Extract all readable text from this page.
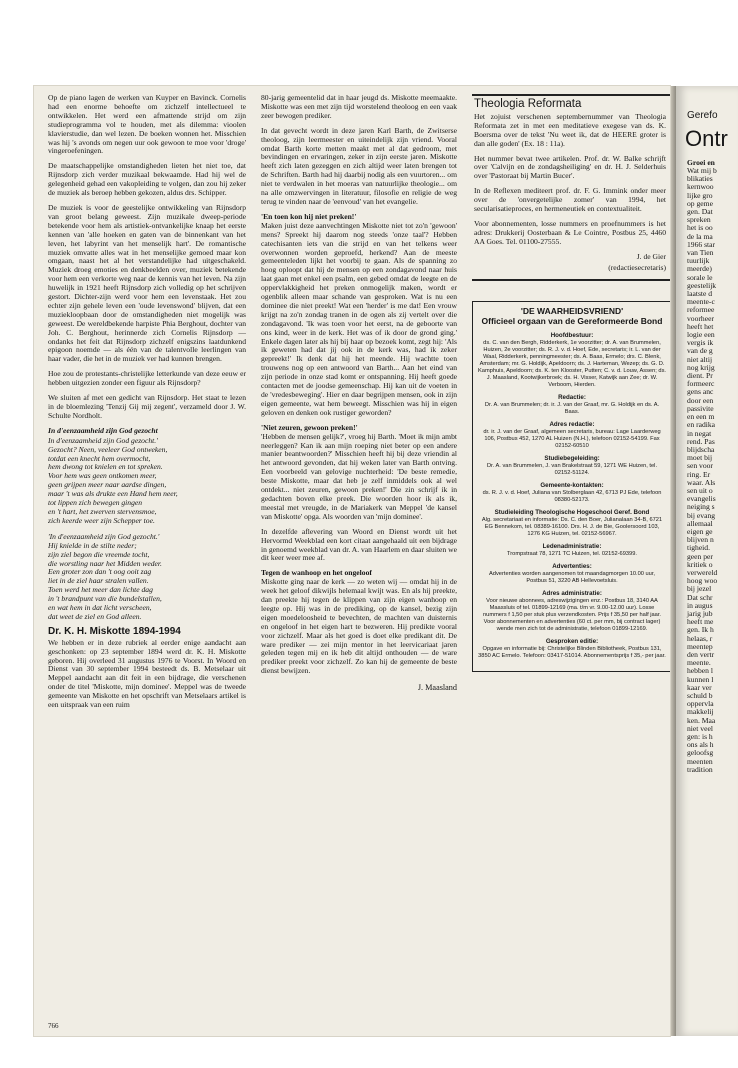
Op de piano lagen de werken van Kuyper en Bavinck. Cornelis had een enorme behoefte om zichzelf intellectueel te ontwikkelen. Het werd een afmattende strijd om zijn studieprogramma vol te houden, met als dilemma: vioolen klavierstudie, dan wel lezen. De boeken wonnen het. Misschien was hij 's avonds om negen uur ook gewoon te moe voor 'droge' vingeroefeningen.

De maatschappelijke omstandigheden lieten het niet toe, dat Rijnsdorp zich verder muzikaal bekwaamde. Had hij wel de gelegenheid gehad een vakopleiding te volgen, dan zou hij zeker de muziek als beroep hebben gekozen, aldus drs. Schipper.

De muziek is voor de geestelijke ontwikkeling van Rijnsdorp van groot belang geweest. Zijn muzikale dweep-periode betekende voor hem als artistiek-ontvankelijke knaap het eerste kennen van 'alle hoeken en gaten van de binnenkant van het leven, het labyrint van het menselijk hart'. De romantische muziek omvatte alles wat in het menselijke gemoed maar kon omgaan, naast het al het verstandelijke had uitgeschakeld. Muziek droeg emoties en denkbeelden over, muziek betekende voor hem een verkorte weg naar de kennis van het leven. Na zijn huwelijk in 1921 heeft Rijnsdorp zich volledig op het schrijven gestort. Dichter-zijn werd voor hem een levenstaak. Het zou echter zijn gehele leven een 'oude levenswond' blijven, dat een muziekloopbaan door de omstandigheden niet mogelijk was geweest. De wereldbekende harpiste Phia Berghout, dochter van Joh. C. Berghout, herinnerde zich Cornelis Rijnsdorp — ondanks het feit dat Rijnsdorp zichzelf enigszins laatdunkend epigoon noemde — als één van de talentvolle leerlingen van haar vader, die het in de muziek ver had kunnen brengen.

Hoe zou de protestants-christelijke letterkunde van deze eeuw er hebben uitgezien zonder een figuur als Rijnsdorp?

We sluiten af met een gedicht van Rijnsdorp. Het staat te lezen in de bloemlezing 'Tenzij Gij mij zegent', verzameld door J. W. Schulte Nordholt.

In d'eenzaamheid zijn God gezocht
In d'eenzaamheid zijn God gezocht.'
Gezocht? Neen, veeleer God ontweken,
totdat een knecht hem overmocht,
hem dwong tot knielen en tot spreken.
Voor hem was geen ontkomen meer,
geen grijpen meer naar aardse dingen,
maar 't was als drukte een Hand hem neer,
tot lippen zich bewegen gingen
en 't hart, het zwerven stervensmoe,
zich keerde weer zijn Schepper toe.
'In d'eenzaamheid zijn God gezocht.'
Hij knielde in de stilte neder;
zijn ziel begon die vreemde tocht,
die worstling naar het Midden weder.
Een groter zon dan 't oog ooit zag
liet in de ziel haar stralen vallen.
Toen werd het meer dan lichte dag
in 't brandpunt van die bundelstallen,
en wat hem in dat licht verscheen,
dat weet de ziel en God alleen.
Dr. K. H. Miskotte 1894-1994

We hebben er in deze rubriek al eerder enige aandacht aan geschonken: op 23 september 1894 werd dr. K. H. Miskotte geboren. Hij overleed 31 augustus 1976 te Voorst. In Woord en Dienst van 30 september 1994 besteedt ds. B. Metselaar uit Meppel aandacht aan dit feit in een bijdrage, die verschenen onder de titel 'Miskotte, mijn dominee'. Meppel was de tweede gemeente van Miskotte en het opschrift van Metselaars artikel is een uitspraak van een ruim

80-jarig gemeentelid dat in haar jeugd ds. Miskotte meemaakte. Miskotte was een met zijn tijd worstelend theoloog en een vaak zeer bewogen prediker.

In dat gevecht wordt in deze jaren Karl Barth, de Zwitserse theoloog, zijn leermeester en uiteindelijk zijn vriend. Vooral omdat Barth korte metten maakt met al dat gedroom, met bevindingen en ervaringen, zeker in zijn eerste jaren. Miskotte heeft zich laten gezeggen en zich altijd weer laten brengen tot de Schriften. Barth had hij daarbij nodig als een vuurtoren... om niet te verdwalen in het moeras van natuurlijke theologie... om na alle omzwervingen in literatuur, filosofie en religie de weg terug te vinden naar de 'eenvoud' van het evangelie.

'En toen kon hij niet preken!'

Maken juist deze aanvechtingen Miskotte niet tot zo'n 'gewoon' mens? Spreekt hij daarom nog steeds 'onze taal'? Hebben catechisanten iets van die strijd en van het telkens weer overwonnen worden geproefd, herkend? Aan de meeste gemeenteleden lijkt het voorbij te gaan. Als de spanning zo hoog oploopt dat hij de mensen op een zondagavond naar huis laat gaan met enkel een psalm, een gebed omdat de leegte en de oppervlakkigheid het preken onmogelijk maken, wordt er ogenblik alleen maar schande van gesproken. Wat is nu een dominee die niet preekt! Wat een 'herder' is me dat! Een vrouw krijgt na zo'n zondag tranen in de ogen als zij vertelt over die zondagavond. 'Ik was toen voor het eerst, na de geboorte van ons kind, weer in de kerk. Het was of ik door de grond ging.' Enkele dagen later als hij bij haar op bezoek komt, zegt hij: 'Als ik geweten had dat jij ook in de kerk was, had ik zeker gepreekt!' Ik denk dat hij het meende. Hij wachtte toen trouwens nog op een antwoord van Barth... Aan het eind van zijn periode in onze stad komt er ontspanning. Hij heeft goede contacten met de joodse gemeenschap. Hij kan uit de voeten in de 'vredesbeweging'. Hier en daar begrijpen mensen, ook in zijn eigen gemeente, wat hem beweegt. Misschien was hij in eigen geloven en denken ook rustiger geworden?

'Niet zeuren, gewoon preken!'

'Hebben de mensen gelijk?', vroeg hij Barth. 'Moet ik mijn ambt neerleggen? Kan ik aan mijn roeping niet beter op een andere manier beantwoorden?' Misschien heeft hij bij deze vriendin al het antwoord gevonden, dat hij weken later van Barth ontving. Een voorbeeld van gelovige nuchterheid: 'De beste remedie, beste Miskotte, maar dat heb je zelf inmiddels ook al wel ontdekt... niet zeuren, gewoon preken!' Die zin schrijf ik in gedachten boven elke preek. Die woorden hoor ik als ik, meestal met vreugde, in de Mariakerk van Meppel 'de kansel van Miskotte' opga. Als woorden van 'mijn dominee'.

In dezelfde aflevering van Woord en Dienst wordt uit het Hervormd Weekblad een kort citaat aangehaald uit een bijdrage in genoemd weekblad van dr. A. van Haarlem en daar sluiten we dit keer weer mee af.

Tegen de wanhoop en het ongeloof

Miskotte ging naar de kerk — zo weten wij — omdat hij in de week het geloof dikwijls helemaal kwijt was. En als hij preekte, dan preekte hij tegen de klippen van zijn eigen wanhoop en leegte op. Hij was in de prediking, op de kansel, bezig zijn eigen moedeloosheid te bevechten, de machten van duisternis en ongeloof in het eigen hart te bezweren. Hij predikte vooral voor zichzelf. Maar als het goed is doet elke predikant dit. De ware prediker — zei mijn mentor in het leervicariaat jaren geleden tegen mij en ik heb dit altijd onthouden — de ware prediker preekt voor zichzelf. Zo kan hij de gemeente de beste dienst bewijzen.

J. Maasland
Theologia Reformata

Het zojuist verschenen septembernummer van Theologia Reformata zet in met een meditatieve exegese van ds. K. Boersma over de tekst 'Nu weet ik, dat de HEERE groter is dan alle goden' (Ex. 18 : 11a).

Het nummer bevat twee artikelen. Prof. dr. W. Balke schrijft over 'Calvijn en de zondagsheiliging' en dr. H. J. Selderhuis over 'Pastoraat bij Martin Bucer'.

In de Reflexen mediteert prof. dr. F. G. Immink onder meer over de 'onvergetelijke zomer' van 1994, het secularisatieproces, en hermeneutiek en contextualiteit.

Voor abonnementen, losse nummers en proefnummers is het adres: Drukkerij Oosterbaan & Le Cointre, Postbus 25, 4460 AA Goes. Tel. 01100-27555.

J. de Gier
(redactiesecretaris)
'DE WAARHEIDSVRIEND'
Officieel orgaan van de Gereformeerde Bond
Hoofdbestuur:
ds. C. van den Bergh, Ridderkerk, 1e voorzitter; dr. A. van Brummelen, Huizen, 2e voorzitter; ds. R. J. v. d. Hoef, Ede, secretaris; ir. L. van der Waal, Ridderkerk, penningmeester; ds. A. Baas, Ermelo; drs. C. Blenk, Amsterdam; mr. G. Holdijk, Apeldoorn; ds. J. Harteman, Wezep; ds. G. D. Kamphuis, Apeldoorn; ds. K. ten Klooster, Putten; C. v. d. Louw, Assen; ds. J. Maasland, Kootwijkerbroek; ds. H. Visser, Katwijk aan Zee; dr. W. Verboom, Hierden.
Redactie:
Dr. A. van Brummelen; dr. ir. J. van der Graaf, mr. G. Holdijk en ds. A. Baas.
Adres redactie:
dr. ir. J. van der Graaf, algemeen secretaris, bureau: Lage Laarderweg 106, Postbus 452, 1270 AL Huizen (N.H.), telefoon 02152-54199. Fax 02152-60510
Studiebegeleiding:
Dr. A. van Brummelen, J. van Brakelstraat 59, 1271 WE Huizen, tel. 02152-51124.
Gemeente-kontakten:
ds. R. J. v. d. Hoef, Juliana van Stolberglaan 42, 6713 PJ Ede, telefoon 08380-52173.
Studieleiding Theologische Hogeschool Geref. Bond
Alg. secretariaat en informatie: Ds. C. den Boer, Julianalaan 34-B, 6721 EG Bennekom, tel. 08389-16100. Drs. H. J. de Bie, Goolersoord 103, 1276 KG Huizen, tel. 02152-56967.
Ledenadministratie:
Trompstraat 78, 1271 TC Huizen, tel. 02152-69399.
Advertenties:
Advertenties worden aangenomen tot maandagmorgen 10.00 uur, Postbus 51, 3220 AB Hellevoetsluis.
Adres administratie:
Voor nieuwe abonnees, adreswijzigingen enz.: Postbus 18, 3140 AA Maassluis of tel. 01899-12169 (ma. t/m vr. 9.00-12.00 uur). Losse nummers f 1,50 per stuk plus verzendkosten. Prijs f 35,50 per half jaar. Voor abonnementen en advertenties (60 ct. per mm, bij contract lager) wende men zich tot de administratie, telefoon 01899-12169.
Gesproken editie:
Opgave en informatie bij: Christelijke Blinden Bibliotheek, Postbus 131, 3850 AC Ermelo. Telefoon: 03417-51014. Abonnementsprijs f 35,- per jaar.
766
Gerefo
Ontr
Groei en
Wat mij b
blikaties
kernwoo
lijke gro
op geme
gen. Dat
spreken
het is oo
de la ma
1966 star
van Tien
tuurlijk
meerde)
sorale le
geestelijk
laatste d
meente-c
reformee
voorheer
heeft het
logie een
vergis ik
van de g
niet altij
nog krijg
dient. Pr
formeerc
gens anc
door een
passivite
en een m
en radika
in negat
rend. Pas
blijdscha
moet bij
sen voor
ring. Er
waar. Als
sen uit o
evangelis
neiging s
bij evang
allemaal
eigen ge
blijven n
tigheid.
geen per
kritiek o
verwereld
hoog woo
bij jezel
Dat schr
in augus
jarig jub
heeft me
gen. Ik h
helaas, r
meentep
den vertr
meente.
hebben l
kunnen l
kaar ver
schuld b
oppervla
makkelij
ken. Maa
niet veel
gen: is h
ons als h
geloofsg
meenten
tradition
